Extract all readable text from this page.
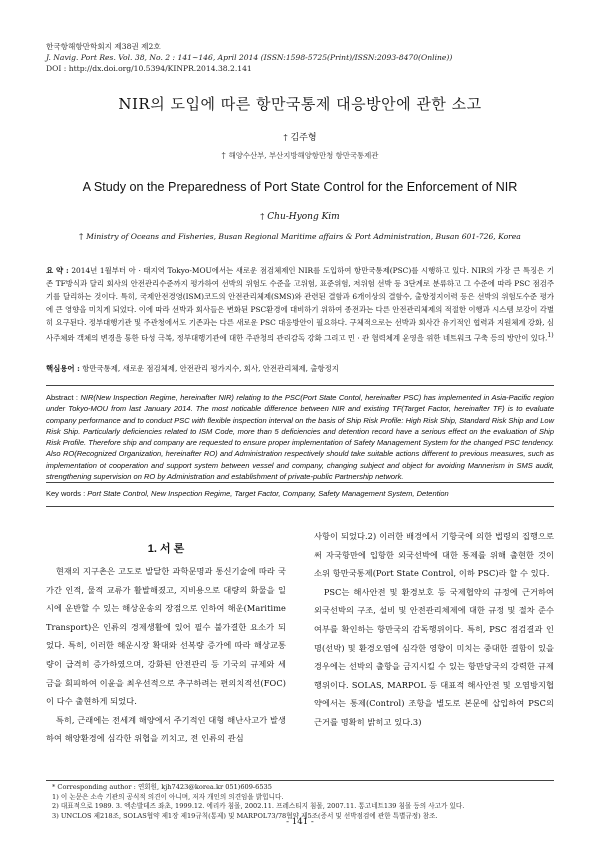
한국항해항만학회지 제38권 제2호
J. Navig. Port Res. Vol. 38, No. 2 : 141~146, April 2014 (ISSN:1598-5725(Print)/ISSN:2093-8470(Online))
DOI : http://dx.doi.org/10.5394/KINPR.2014.38.2.141
NIR의 도입에 따른 항만국통제 대응방안에 관한 소고
† 김주형
† 해양수산부, 부산지방해양항만청 항만국통제관
A Study on the Preparedness of Port State Control for the Enforcement of NIR
† Chu-Hyong Kim
† Ministry of Oceans and Fisheries, Busan Regional Maritime affairs & Port Administration, Busan 601-726, Korea
요 약 : 2014년 1월부터 아 · 태지역 Tokyo-MOU에서는 새로운 점검체제인 NIR를 도입하여 항만국통제(PSC)를 시행하고 있다. NIR의 가장 큰 특징은 기존 TF방식과 달리 회사의 안전관리수준까지 평가하여 선박의 위험도 수준을 고위험, 표준위험, 저위험 선박 등 3단계로 분류하고 그 수준에 따라 PSC 점검주기를 달리하는 것이다. 특히, 국제안전경영(ISM)코드의 안전관리체제(SMS)와 관련된 결함과 6개이상의 결함수, 출항정지이력 등은 선박의 위험도수준 평가에 큰 영향을 미치게 되었다. 이에 따라 선박과 회사들은 변화된 PSC환경에 대비하기 위하여 종전과는 다른 안전관리체제의 적절한 이행과 시스템 보강이 각별히 요구된다. 정부대행기관 및 주관청에서도 기존과는 다른 새로운 PSC 대응방안이 필요하다. 구체적으로는 선박과 회사간 유기적인 협력과 지원체계 강화, 심사주체와 객체의 변경을 통한 타성 극복, 정부대행기관에 대한 주관청의 관리감독 강화 그리고 민 · 관 협력체계 운영을 위한 네트워크 구축 등의 방안이 있다.$^{1)}$
핵심용어 : 항만국통제, 새로운 점검체제, 안전관리 평가지수, 회사, 안전관리체제, 출항정지
Abstract : NIR(New Inspection Regime, hereinafter NIR) relating to the PSC(Port State Contol, hereinafter PSC) has implemented in Asia-Pacific region under Tokyo-MOU from last January 2014. The most noticable difference between NIR and existing TF(Target Factor, hereinafter TF) is to evaluate company performance and to conduct PSC with flexible inspection interval on the basis of Ship Risk Profile: High Risk Ship, Standard Risk Ship and Low Risk Ship. Particularly deficiencies related to ISM Code, more than 5 deficiencies and detention record have a serious effect on the evaluation of Ship Risk Profile. Therefore ship and company are requested to ensure proper implementation of Safety Management System for the changed PSC tendency. Also RO(Recognized Organization, hereinafter RO) and Administration respectively should take suitable actions different to previous measures, such as implementation ot cooperation and support system between vessel and company, changing subject and object for avoiding Mannerism in SMS audit, strengthening supervision on RO by Administration and establishment of private-public Partnership network.
Key words : Port State Control, New Inspection Regime, Target Factor, Company, Safety Management System, Detention
1. 서 론

현재의 지구촌은 고도로 발달한 과학문명과 통신기술에 따라 국가간 인적, 물적 교류가 활발해졌고, 지비용으로 대량의 화물을 일시에 운반할 수 있는 해상운송의 장점으로 인하여 해운(Maritime Transport)은 인류의 경제생활에 있어 필수 불가결한 요소가 되었다. 특히, 이러한 해운시장 확대와 선복량 증가에 따라 해상교통량이 급격히 증가하였으며, 강화된 안전관리 등 기국의 규제와 세금을 회피하여 이윤을 최우선적으로 추구하려는 편의치적선(FOC)이 다수 출현하게 되었다.

특히, 근래에는 전세계 해양에서 주기적인 대형 해난사고가 발생하여 해양환경에 심각한 위협을 끼치고, 전 인류의 관심

사항이 되었다.2) 이러한 배경에서 기항국에 의한 법령의 집행으로써 자국항만에 입항한 외국선박에 대한 통제를 위해 출현한 것이 소위 항만국통제(Port State Control, 이하 PSC)라 할 수 있다.

PSC는 해사안전 및 환경보호 등 국제협약의 규정에 근거하여 외국선박의 구조, 설비 및 안전관리체제에 대한 규정 및 절차 준수여부를 확인하는 항만국의 감독행위이다. 특히, PSC 점검결과 인명(선박) 및 환경오염에 심각한 영향이 미치는 중대한 결함이 있을 경우에는 선박의 출항을 금지시킬 수 있는 항만당국의 강력한 규제행위이다. SOLAS, MARPOL 등 대표적 해사안전 및 오염방지협약에서는 통제(Control) 조항을 별도로 본문에 삽입하여 PSC의 근거를 명확히 밝히고 있다.3)

* Corresponding author : 연회원, kjh7423@korea.kr 051)609-6535
1) 이 논문은 소속 기관의 공식적 의견이 아니며, 저자 개인의 의견임을 밝힙니다.
2) 대표적으로 1989. 3. 엑손발데즈 좌초, 1999.12. 에리카 침몰, 2002.11. 프레스티지 침몰, 2007.11. 통고네트139 침몰 등의 사고가 있다.
3) UNCLOS 제218조, SOLAS협약 제1장 제19규칙(통제) 및 MARPOL73/78협약 제5조(증서 및 선박점검에 관한 특별규정) 참조.
- 141 -
